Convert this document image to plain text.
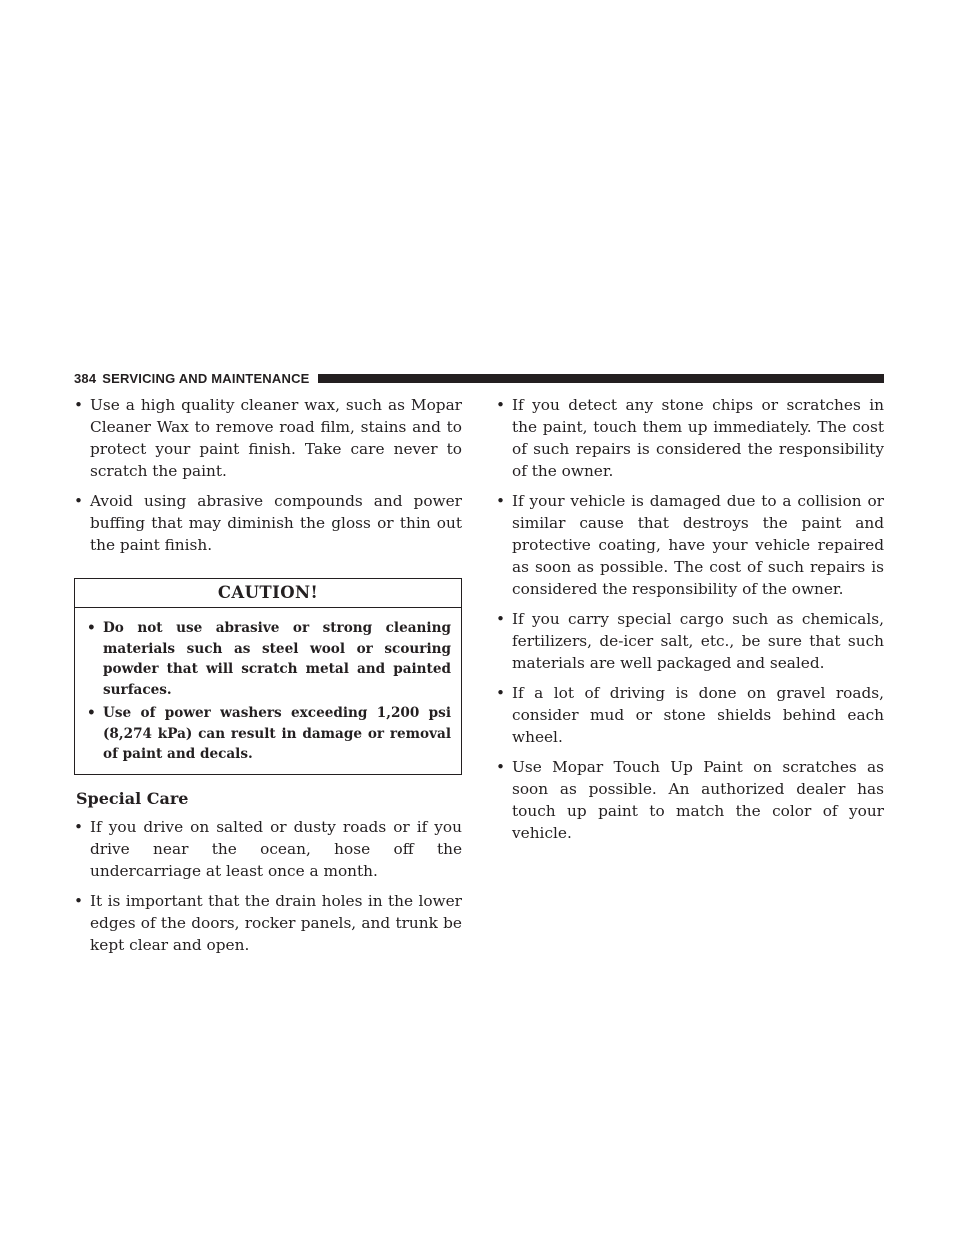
384 SERVICING AND MAINTENANCE
• Use a high quality cleaner wax, such as Mopar Cleaner Wax to remove road film, stains and to protect your paint finish. Take care never to scratch the paint.
• Avoid using abrasive compounds and power buffing that may diminish the gloss or thin out the paint finish.
CAUTION!
• Do not use abrasive or strong cleaning materials such as steel wool or scouring powder that will scratch metal and painted surfaces.
• Use of power washers exceeding 1,200 psi (8,274 kPa) can result in damage or removal of paint and decals.
Special Care
• If you drive on salted or dusty roads or if you drive near the ocean, hose off the undercarriage at least once a month.
• It is important that the drain holes in the lower edges of the doors, rocker panels, and trunk be kept clear and open.
• If you detect any stone chips or scratches in the paint, touch them up immediately. The cost of such repairs is considered the responsibility of the owner.
• If your vehicle is damaged due to a collision or similar cause that destroys the paint and protective coating, have your vehicle repaired as soon as possible. The cost of such repairs is considered the responsibility of the owner.
• If you carry special cargo such as chemicals, fertilizers, de-icer salt, etc., be sure that such materials are well packaged and sealed.
• If a lot of driving is done on gravel roads, consider mud or stone shields behind each wheel.
• Use Mopar Touch Up Paint on scratches as soon as possible. An authorized dealer has touch up paint to match the color of your vehicle.
